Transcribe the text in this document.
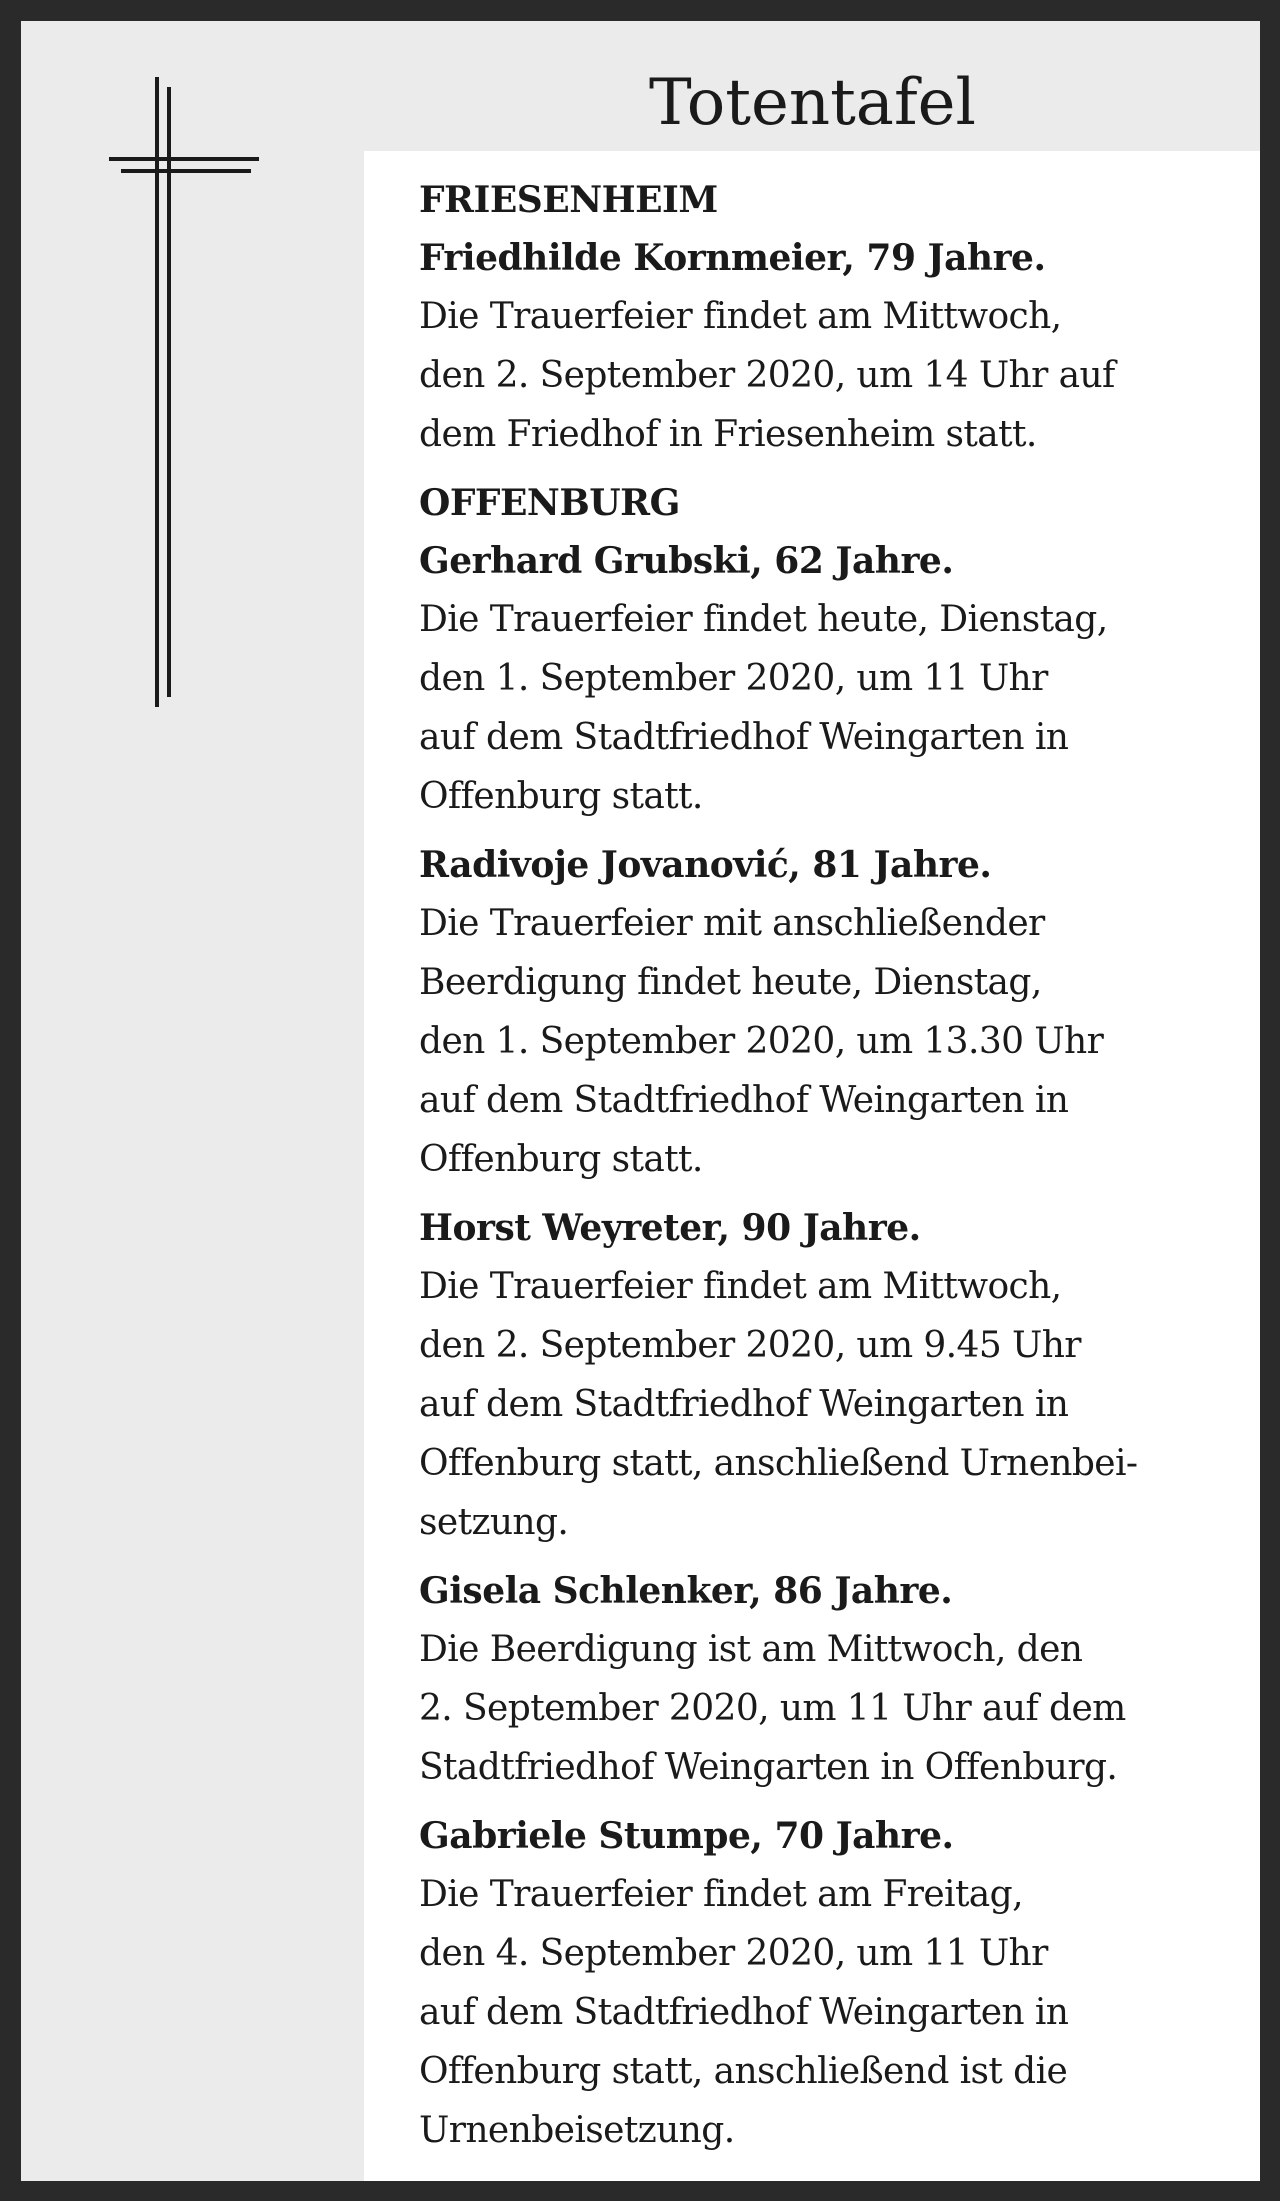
Totentafel

FRIESENHEIM

Friedhilde Kornmeier, 79 Jahre.

Die Trauerfeier findet am Mittwoch,

den 2. September 2020, um 14 Uhr auf

dem Friedhof in Friesenheim statt.

OFFENBURG

Gerhard Grubski, 62 Jahre.

Die Trauerfeier findet heute, Dienstag,

den 1. September 2020, um 11 Uhr

auf dem Stadtfriedhof Weingarten in

Offenburg statt.

Radivoje Jovanović, 81 Jahre.

Die Trauerfeier mit anschließender

Beerdigung findet heute, Dienstag,

den 1. September 2020, um 13.30 Uhr

auf dem Stadtfriedhof Weingarten in

Offenburg statt.

Horst Weyreter, 90 Jahre.

Die Trauerfeier findet am Mittwoch,

den 2. September 2020, um 9.45 Uhr

auf dem Stadtfriedhof Weingarten in

Offenburg statt, anschließend Urnenbei-

setzung.

Gisela Schlenker, 86 Jahre.

Die Beerdigung ist am Mittwoch, den

2. September 2020, um 11 Uhr auf dem

Stadtfriedhof Weingarten in Offenburg.

Gabriele Stumpe, 70 Jahre.

Die Trauerfeier findet am Freitag,

den 4. September 2020, um 11 Uhr

auf dem Stadtfriedhof Weingarten in

Offenburg statt, anschließend ist die

Urnenbeisetzung.
